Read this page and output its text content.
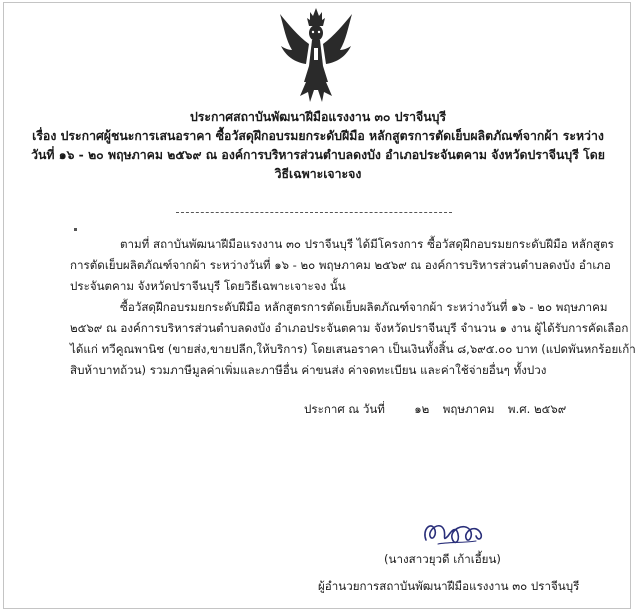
ประกาศสถาบันพัฒนาฝีมือแรงงาน ๓๐ ปราจีนบุรี
เรื่อง ประกาศผู้ชนะการเสนอราคา ซื้อวัสดุฝึกอบรมยกระดับฝีมือ หลักสูตรการตัดเย็บผลิตภัณฑ์จากผ้า ระหว่าง
วันที่ ๑๖ - ๒๐ พฤษภาคม ๒๕๖๙ ณ องค์การบริหารส่วนตำบลดงบัง อำเภอประจันตคาม จังหวัดปราจีนบุรี โดย
วิธีเฉพาะเจาะจง
ตามที่ สถาบันพัฒนาฝีมือแรงงาน ๓๐ ปราจีนบุรี ได้มีโครงการ ซื้อวัสดุฝึกอบรมยกระดับฝีมือ หลักสูตร
การตัดเย็บผลิตภัณฑ์จากผ้า ระหว่างวันที่ ๑๖ - ๒๐ พฤษภาคม ๒๕๖๙ ณ องค์การบริหารส่วนตำบลดงบัง อำเภอ
ประจันตคาม จังหวัดปราจีนบุรี โดยวิธีเฉพาะเจาะจง นั้น
ซื้อวัสดุฝึกอบรมยกระดับฝีมือ หลักสูตรการตัดเย็บผลิตภัณฑ์จากผ้า ระหว่างวันที่ ๑๖ - ๒๐ พฤษภาคม
๒๕๖๙ ณ องค์การบริหารส่วนตำบลดงบัง อำเภอประจันตคาม จังหวัดปราจีนบุรี จำนวน ๑ งาน ผู้ได้รับการคัดเลือก
ได้แก่ ทวีคูณพานิช (ขายส่ง,ขายปลีก,ให้บริการ) โดยเสนอราคา เป็นเงินทั้งสิ้น ๘,๖๙๕.๐๐ บาท (แปดพันหกร้อยเก้า
สิบห้าบาทถ้วน) รวมภาษีมูลค่าเพิ่มและภาษีอื่น ค่าขนส่ง ค่าจดทะเบียน และค่าใช้จ่ายอื่นๆ ทั้งปวง
ประกาศ ณ วันที่	๑๒ พฤษภาคม พ.ศ. ๒๕๖๙
(นางสาวยุวดี เก้าเอี้ยน)
ผู้อำนวยการสถาบันพัฒนาฝีมือแรงงาน ๓๐ ปราจีนบุรี
